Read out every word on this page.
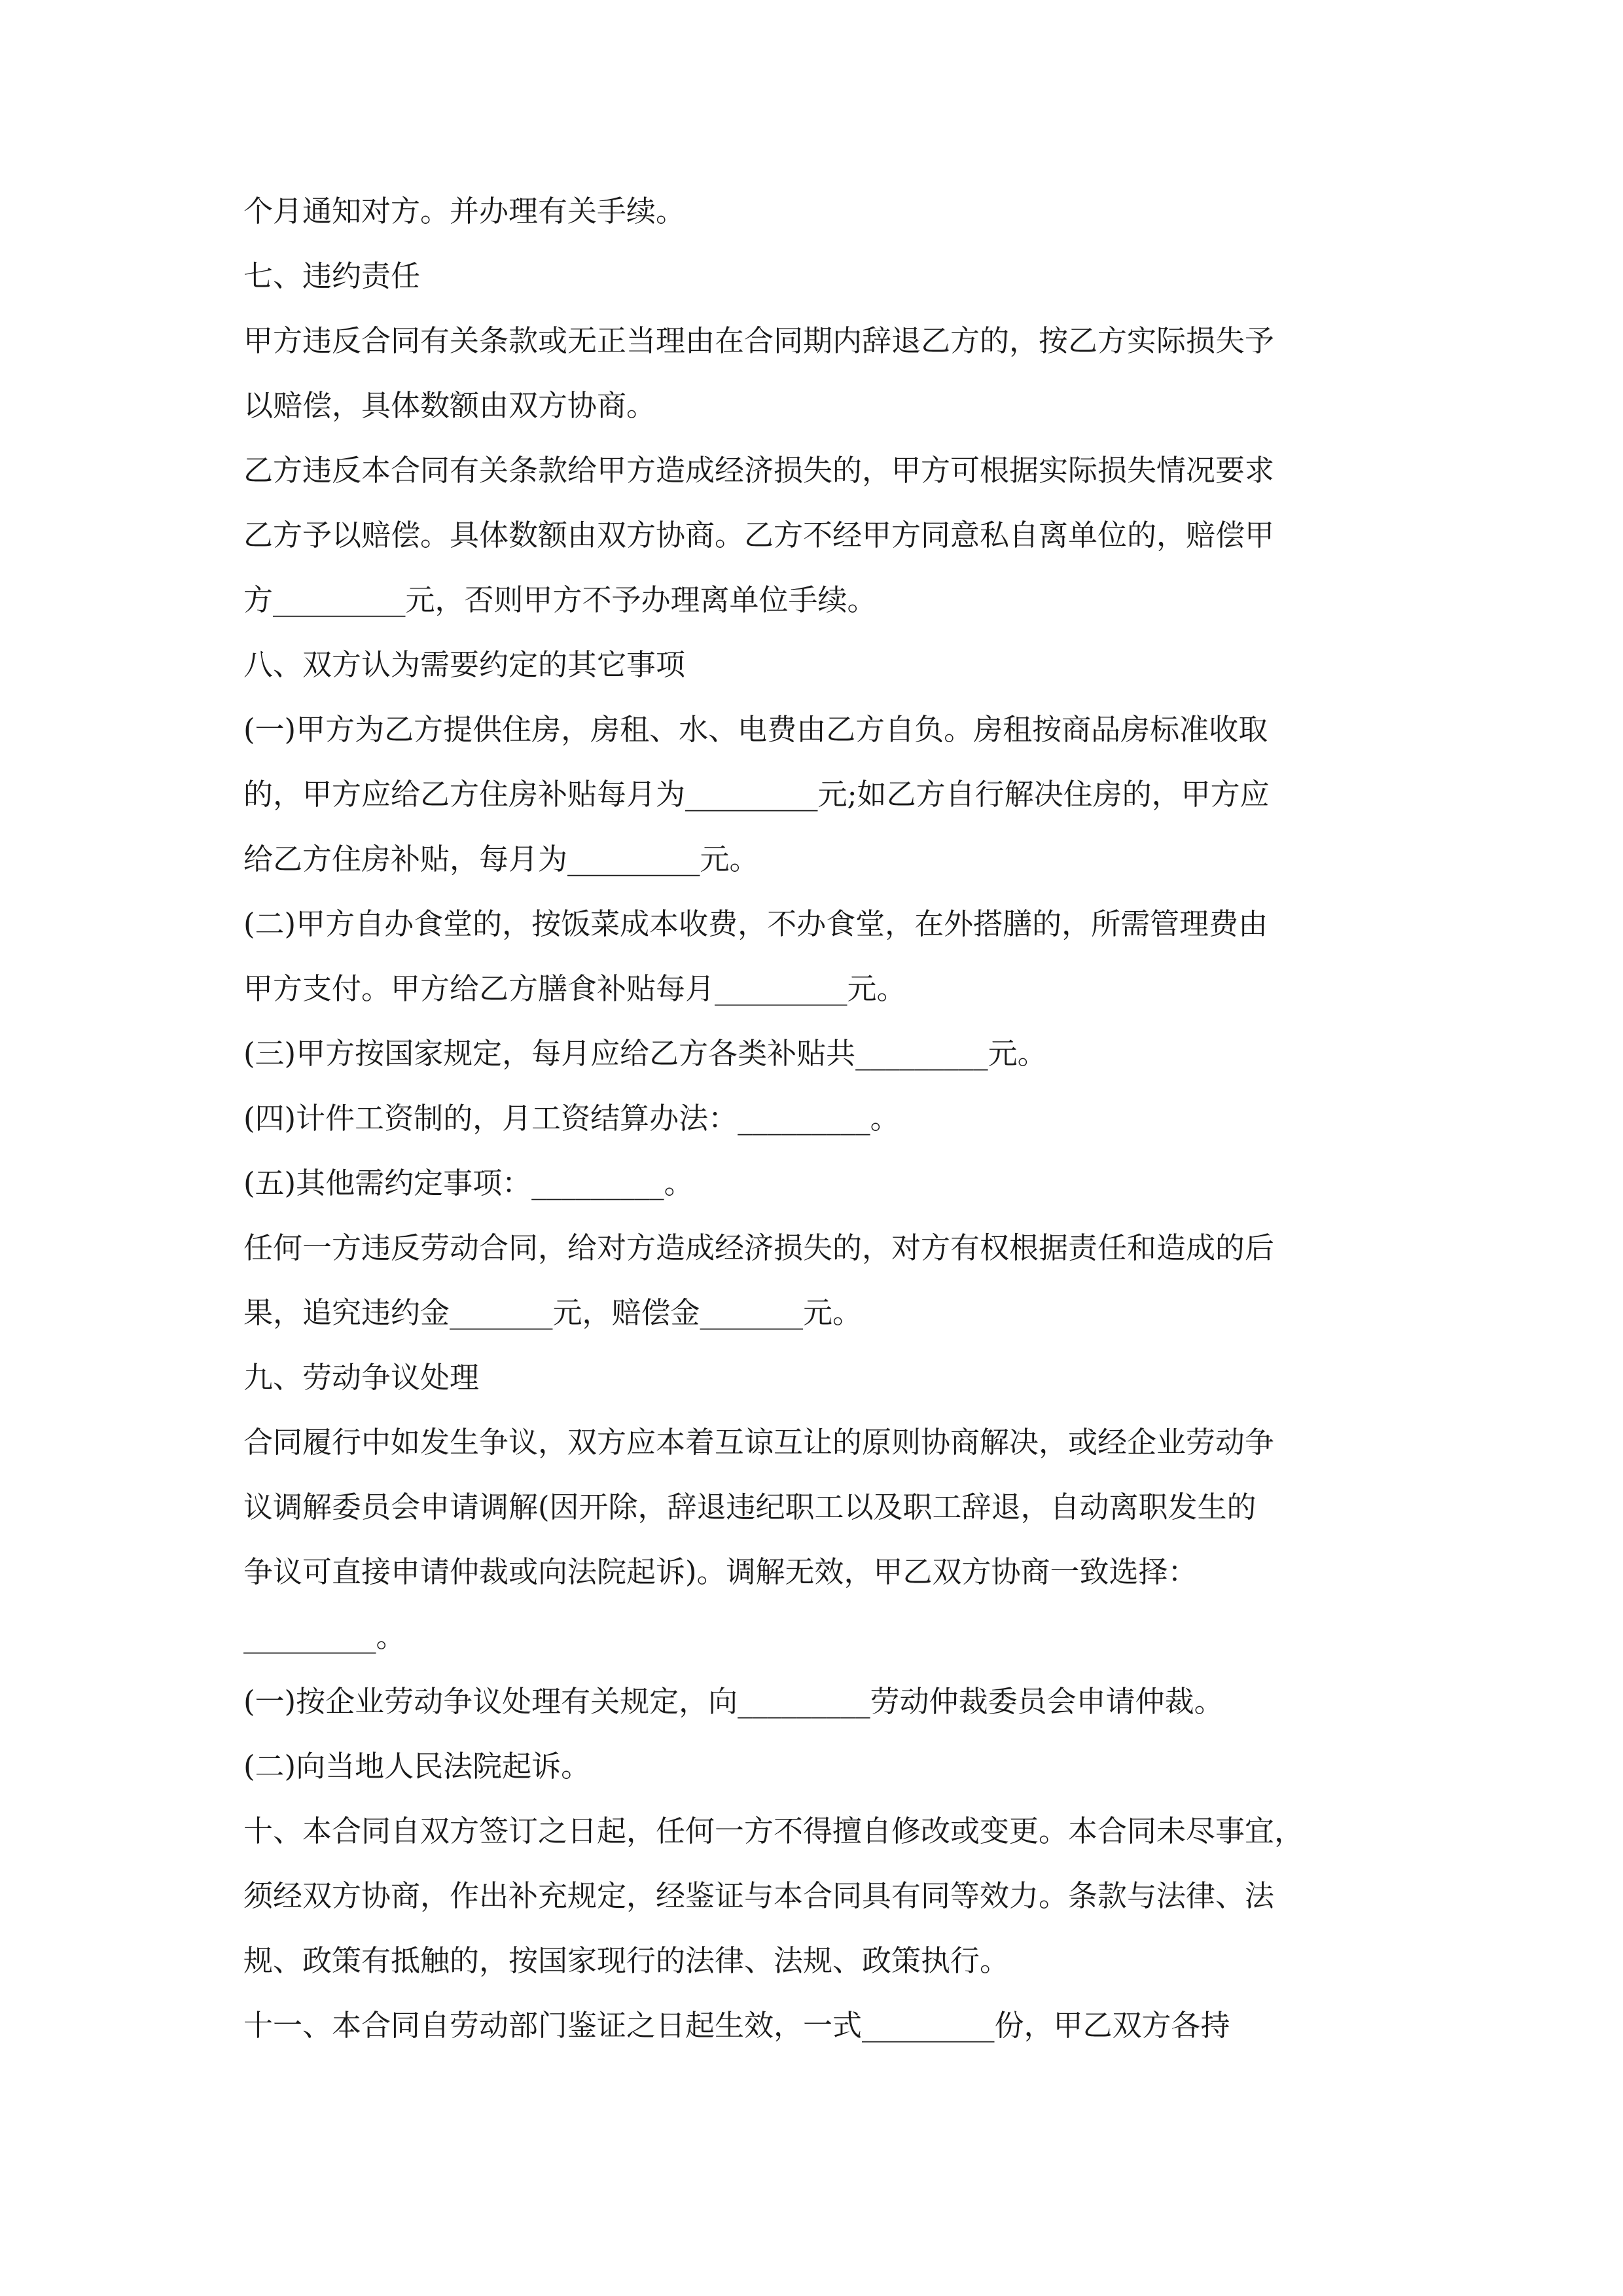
个月通知对方。并办理有关手续。

七、违约责任

甲方违反合同有关条款或无正当理由在合同期内辞退乙方的，按乙方实际损失予

以赔偿，具体数额由双方协商。

乙方违反本合同有关条款给甲方造成经济损失的，甲方可根据实际损失情况要求

乙方予以赔偿。具体数额由双方协商。乙方不经甲方同意私自离单位的，赔偿甲

方_________元，否则甲方不予办理离单位手续。

八、双方认为需要约定的其它事项

(一)甲方为乙方提供住房，房租、水、电费由乙方自负。房租按商品房标准收取

的，甲方应给乙方住房补贴每月为_________元;如乙方自行解决住房的，甲方应

给乙方住房补贴，每月为_________元。

(二)甲方自办食堂的，按饭菜成本收费，不办食堂，在外搭膳的，所需管理费由

甲方支付。甲方给乙方膳食补贴每月_________元。

(三)甲方按国家规定，每月应给乙方各类补贴共_________元。

(四)计件工资制的，月工资结算办法：_________。

(五)其他需约定事项：_________。

任何一方违反劳动合同，给对方造成经济损失的，对方有权根据责任和造成的后

果，追究违约金_______元，赔偿金_______元。

九、劳动争议处理

合同履行中如发生争议，双方应本着互谅互让的原则协商解决，或经企业劳动争

议调解委员会申请调解(因开除，辞退违纪职工以及职工辞退，自动离职发生的

争议可直接申请仲裁或向法院起诉)。调解无效，甲乙双方协商一致选择：

_________。

(一)按企业劳动争议处理有关规定，向_________劳动仲裁委员会申请仲裁。

(二)向当地人民法院起诉。

十、本合同自双方签订之日起，任何一方不得擅自修改或变更。本合同未尽事宜，

须经双方协商，作出补充规定，经鉴证与本合同具有同等效力。条款与法律、法

规、政策有抵触的，按国家现行的法律、法规、政策执行。

十一、本合同自劳动部门鉴证之日起生效，一式_________份，甲乙双方各持
